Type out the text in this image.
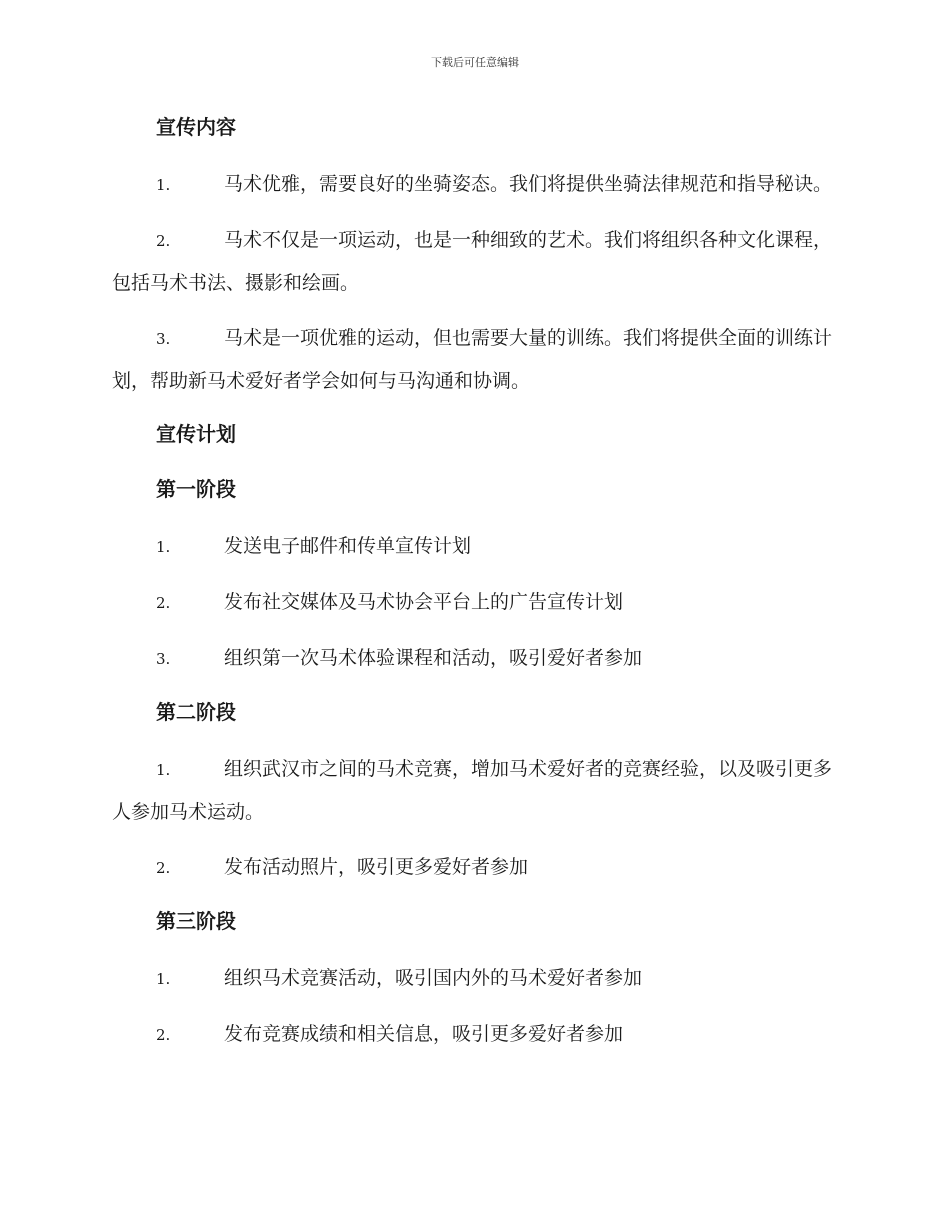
下载后可任意编辑
宣传内容
1.	马术优雅，需要良好的坐骑姿态。我们将提供坐骑法律规范和指导秘诀。
2.	马术不仅是一项运动，也是一种细致的艺术。我们将组织各种文化课程，包括马术书法、摄影和绘画。
3.	马术是一项优雅的运动，但也需要大量的训练。我们将提供全面的训练计划，帮助新马术爱好者学会如何与马沟通和协调。
宣传计划
第一阶段
1.	发送电子邮件和传单宣传计划
2.	发布社交媒体及马术协会平台上的广告宣传计划
3.	组织第一次马术体验课程和活动，吸引爱好者参加
第二阶段
1.	组织武汉市之间的马术竞赛，增加马术爱好者的竞赛经验，以及吸引更多人参加马术运动。
2.	发布活动照片，吸引更多爱好者参加
第三阶段
1.	组织马术竞赛活动，吸引国内外的马术爱好者参加
2.	发布竞赛成绩和相关信息，吸引更多爱好者参加
